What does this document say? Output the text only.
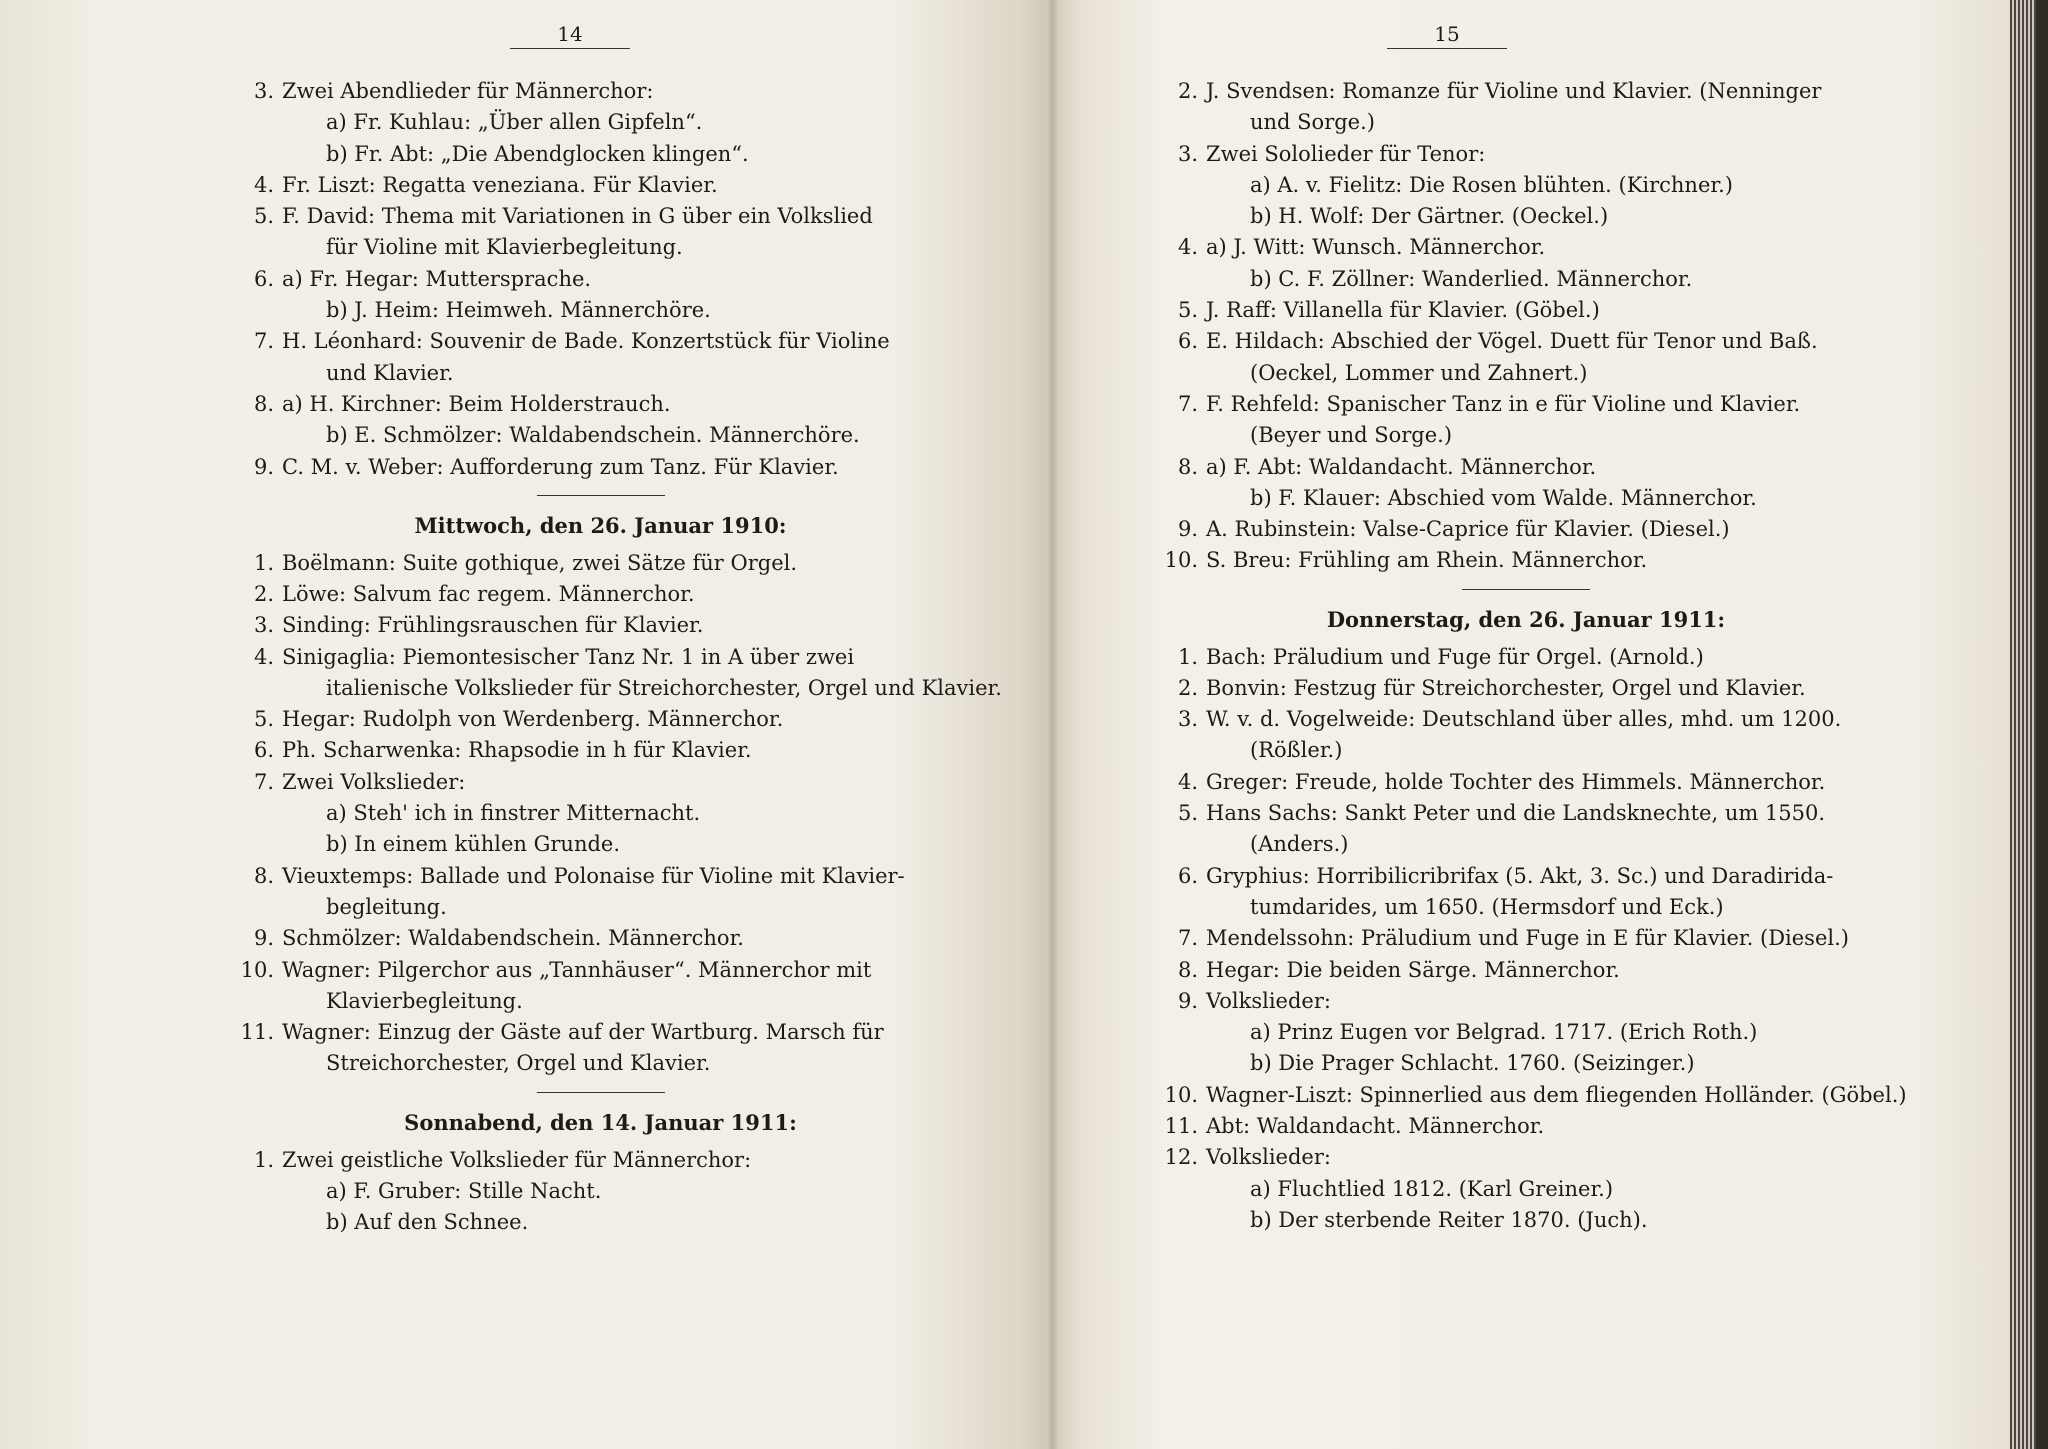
14
3. Zwei Abendlieder für Männerchor:
a) Fr. Kuhlau: „Über allen Gipfeln“.
b) Fr. Abt: „Die Abendglocken klingen“.
4. Fr. Liszt: Regatta veneziana. Für Klavier.
5. F. David: Thema mit Variationen in G über ein Volkslied
für Violine mit Klavierbegleitung.
6. a) Fr. Hegar: Muttersprache.
b) J. Heim: Heimweh. Männerchöre.
7. H. Léonhard: Souvenir de Bade. Konzertstück für Violine
und Klavier.
8. a) H. Kirchner: Beim Holderstrauch.
b) E. Schmölzer: Waldabendschein. Männerchöre.
9. C. M. v. Weber: Aufforderung zum Tanz. Für Klavier.
Mittwoch, den 26. Januar 1910:
1. Boëlmann: Suite gothique, zwei Sätze für Orgel.
2. Löwe: Salvum fac regem. Männerchor.
3. Sinding: Frühlingsrauschen für Klavier.
4. Sinigaglia: Piemontesischer Tanz Nr. 1 in A über zwei
italienische Volkslieder für Streichorchester, Orgel und Klavier.
5. Hegar: Rudolph von Werdenberg. Männerchor.
6. Ph. Scharwenka: Rhapsodie in h für Klavier.
7. Zwei Volkslieder:
a) Steh' ich in finstrer Mitternacht.
b) In einem kühlen Grunde.
8. Vieuxtemps: Ballade und Polonaise für Violine mit Klavier-
begleitung.
9. Schmölzer: Waldabendschein. Männerchor.
10. Wagner: Pilgerchor aus „Tannhäuser“. Männerchor mit
Klavierbegleitung.
11. Wagner: Einzug der Gäste auf der Wartburg. Marsch für
Streichorchester, Orgel und Klavier.
Sonnabend, den 14. Januar 1911:
1. Zwei geistliche Volkslieder für Männerchor:
a) F. Gruber: Stille Nacht.
b) Auf den Schnee.
15
2. J. Svendsen: Romanze für Violine und Klavier. (Nenninger
und Sorge.)
3. Zwei Sololieder für Tenor:
a) A. v. Fielitz: Die Rosen blühten. (Kirchner.)
b) H. Wolf: Der Gärtner. (Oeckel.)
4. a) J. Witt: Wunsch. Männerchor.
b) C. F. Zöllner: Wanderlied. Männerchor.
5. J. Raff: Villanella für Klavier. (Göbel.)
6. E. Hildach: Abschied der Vögel. Duett für Tenor und Baß.
(Oeckel, Lommer und Zahnert.)
7. F. Rehfeld: Spanischer Tanz in e für Violine und Klavier.
(Beyer und Sorge.)
8. a) F. Abt: Waldandacht. Männerchor.
b) F. Klauer: Abschied vom Walde. Männerchor.
9. A. Rubinstein: Valse-Caprice für Klavier. (Diesel.)
10. S. Breu: Frühling am Rhein. Männerchor.
Donnerstag, den 26. Januar 1911:
1. Bach: Präludium und Fuge für Orgel. (Arnold.)
2. Bonvin: Festzug für Streichorchester, Orgel und Klavier.
3. W. v. d. Vogelweide: Deutschland über alles, mhd. um 1200.
(Rößler.)
4. Greger: Freude, holde Tochter des Himmels. Männerchor.
5. Hans Sachs: Sankt Peter und die Landsknechte, um 1550.
(Anders.)
6. Gryphius: Horribilicribrifax (5. Akt, 3. Sc.) und Daradirida-
tumdarides, um 1650. (Hermsdorf und Eck.)
7. Mendelssohn: Präludium und Fuge in E für Klavier. (Diesel.)
8. Hegar: Die beiden Särge. Männerchor.
9. Volkslieder:
a) Prinz Eugen vor Belgrad. 1717. (Erich Roth.)
b) Die Prager Schlacht. 1760. (Seizinger.)
10. Wagner-Liszt: Spinnerlied aus dem fliegenden Holländer. (Göbel.)
11. Abt: Waldandacht. Männerchor.
12. Volkslieder:
a) Fluchtlied 1812. (Karl Greiner.)
b) Der sterbende Reiter 1870. (Juch).
